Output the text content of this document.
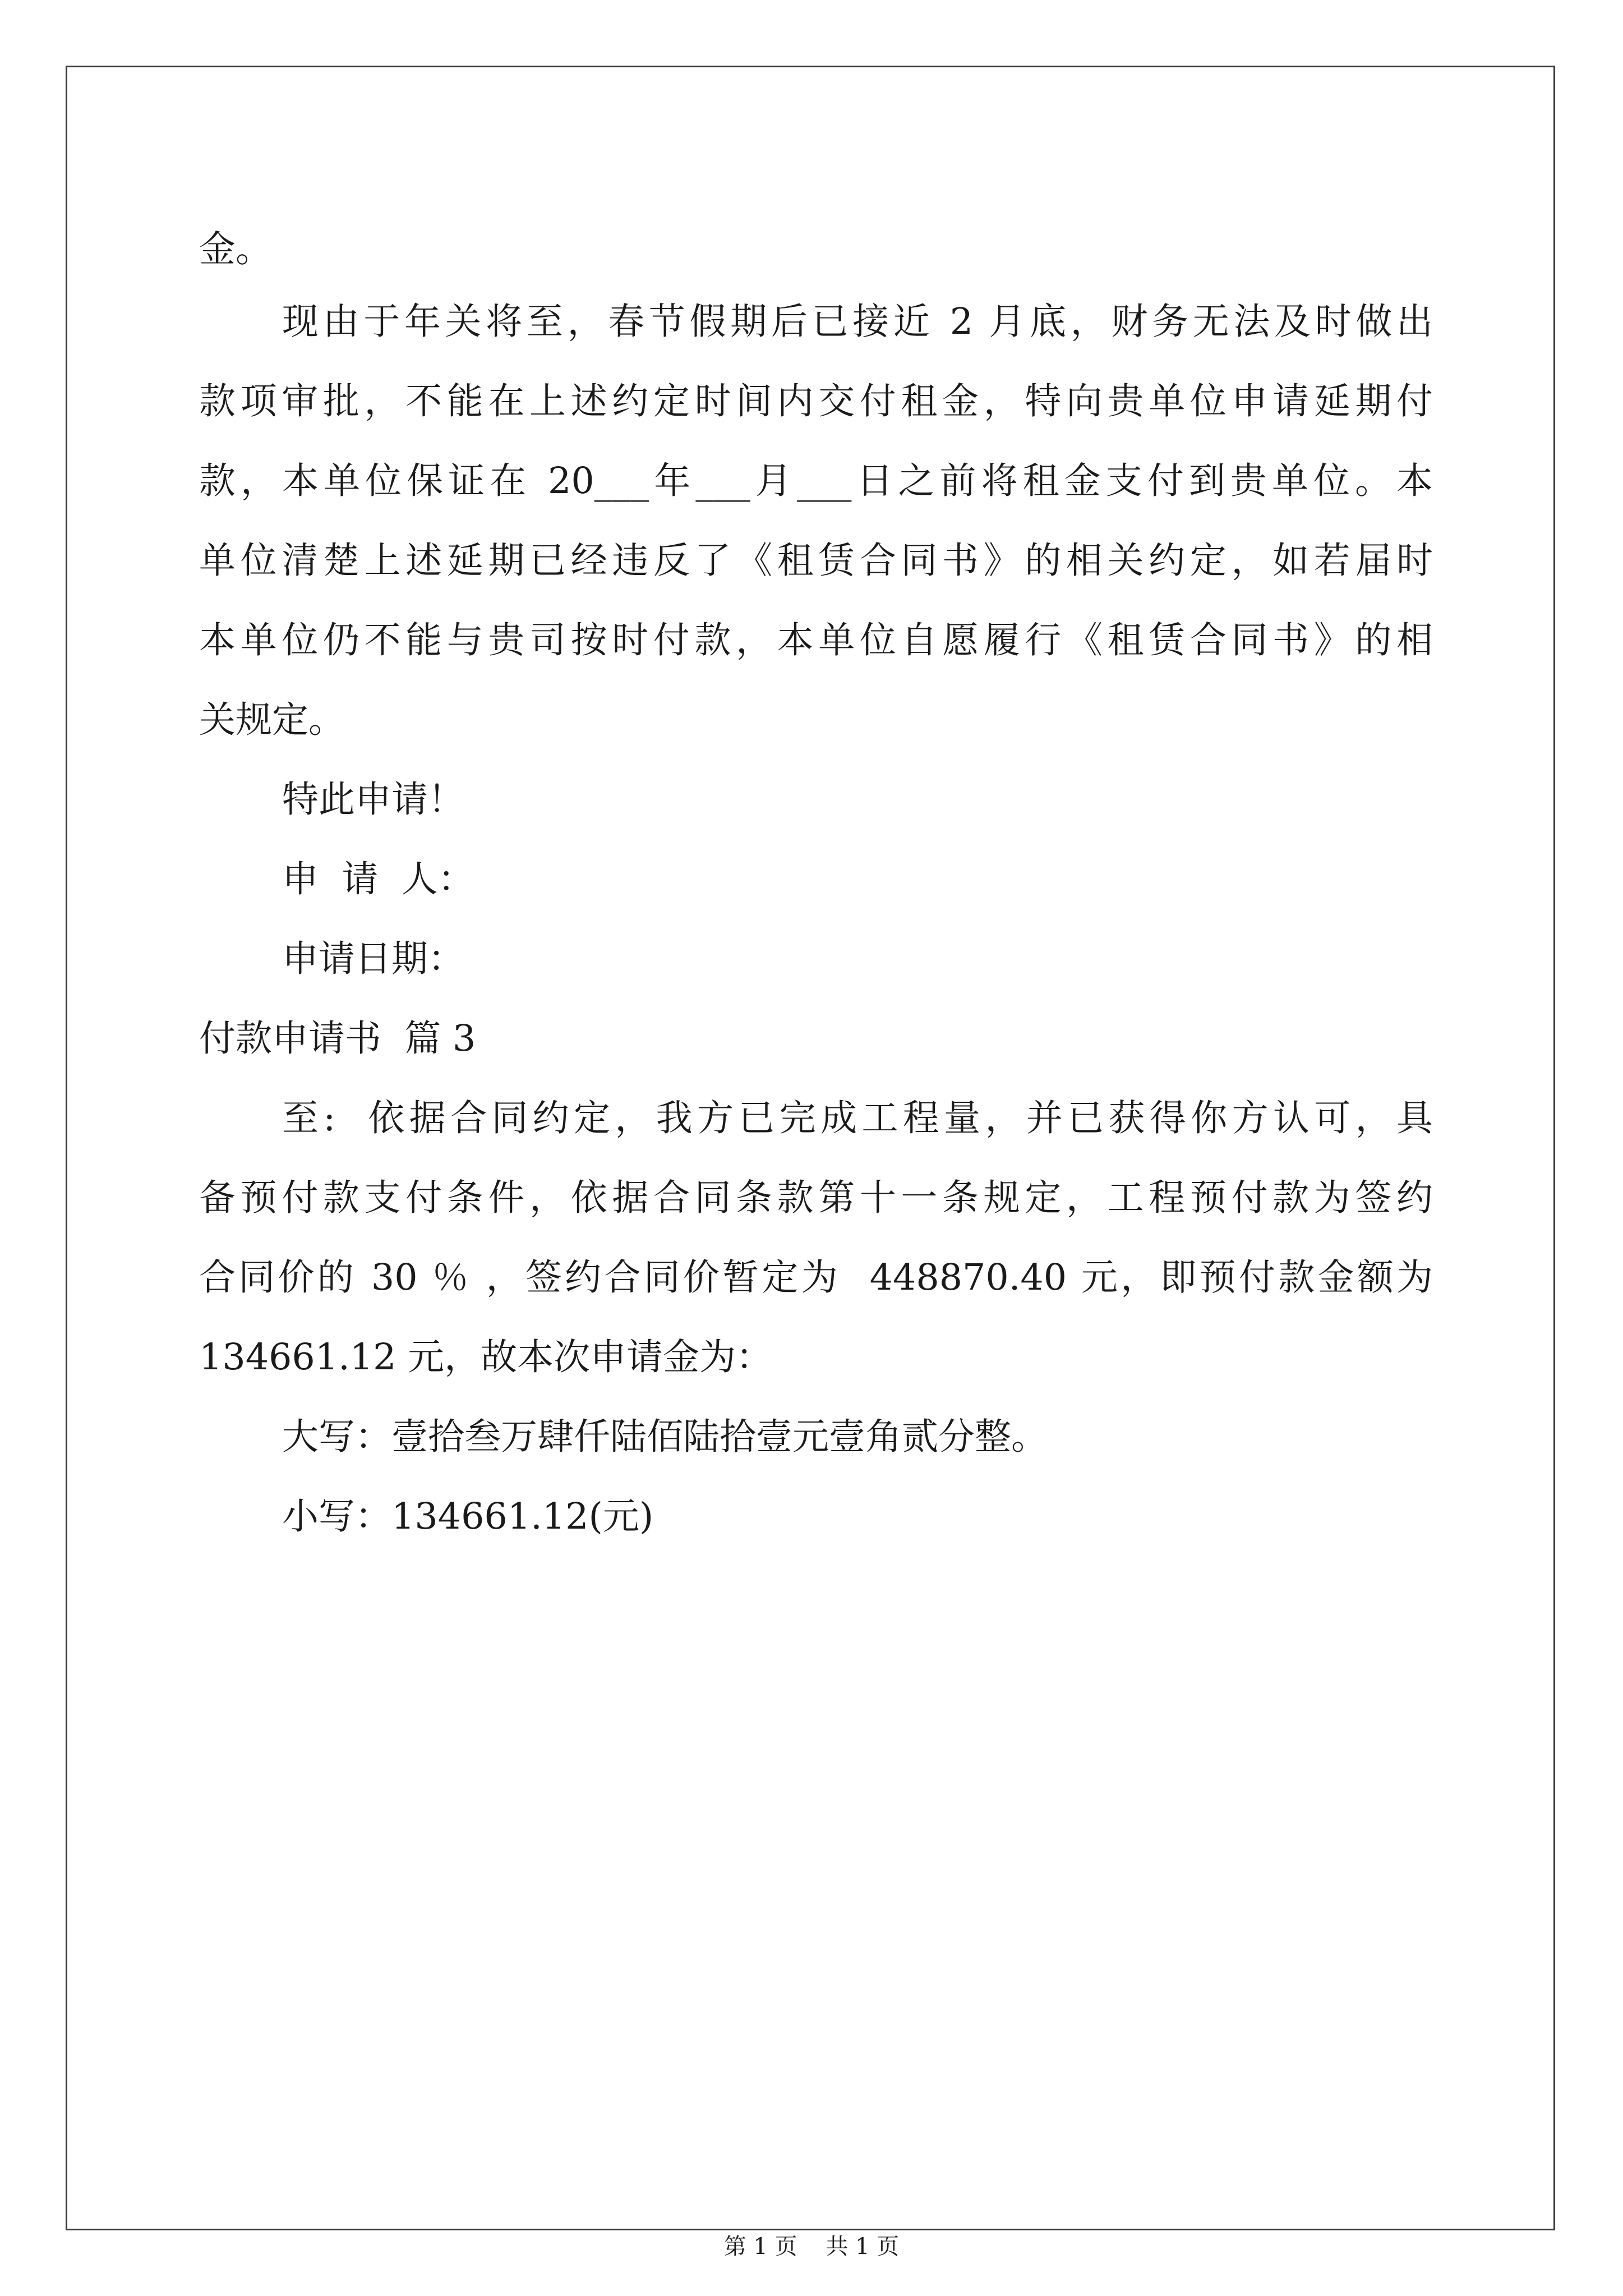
金。
现由于年关将至，春节假期后已接近 2 月底，财务无法及时做出
款项审批，不能在上述约定时间内交付租金，特向贵单位申请延期付
款，本单位保证在 20___年___月___日之前将租金支付到贵单位。本
单位清楚上述延期已经违反了《租赁合同书》的相关约定，如若届时
本单位仍不能与贵司按时付款，本单位自愿履行《租赁合同书》的相
关规定。
特此申请！
申  请  人：
申请日期：
付款申请书  篇 3
至:  依据合同约定，我方已完成工程量，并已获得你方认可，具
备预付款支付条件，依据合同条款第十一条规定，工程预付款为签约
合同价的 30 ％ ，签约合同价暂定为  448870.40 元，即预付款金额为
134661.12 元，故本次申请金为：
大写：壹拾叁万肆仟陆佰陆拾壹元壹角贰分整。
小写：134661.12(元)
第 1 页    共 1 页
